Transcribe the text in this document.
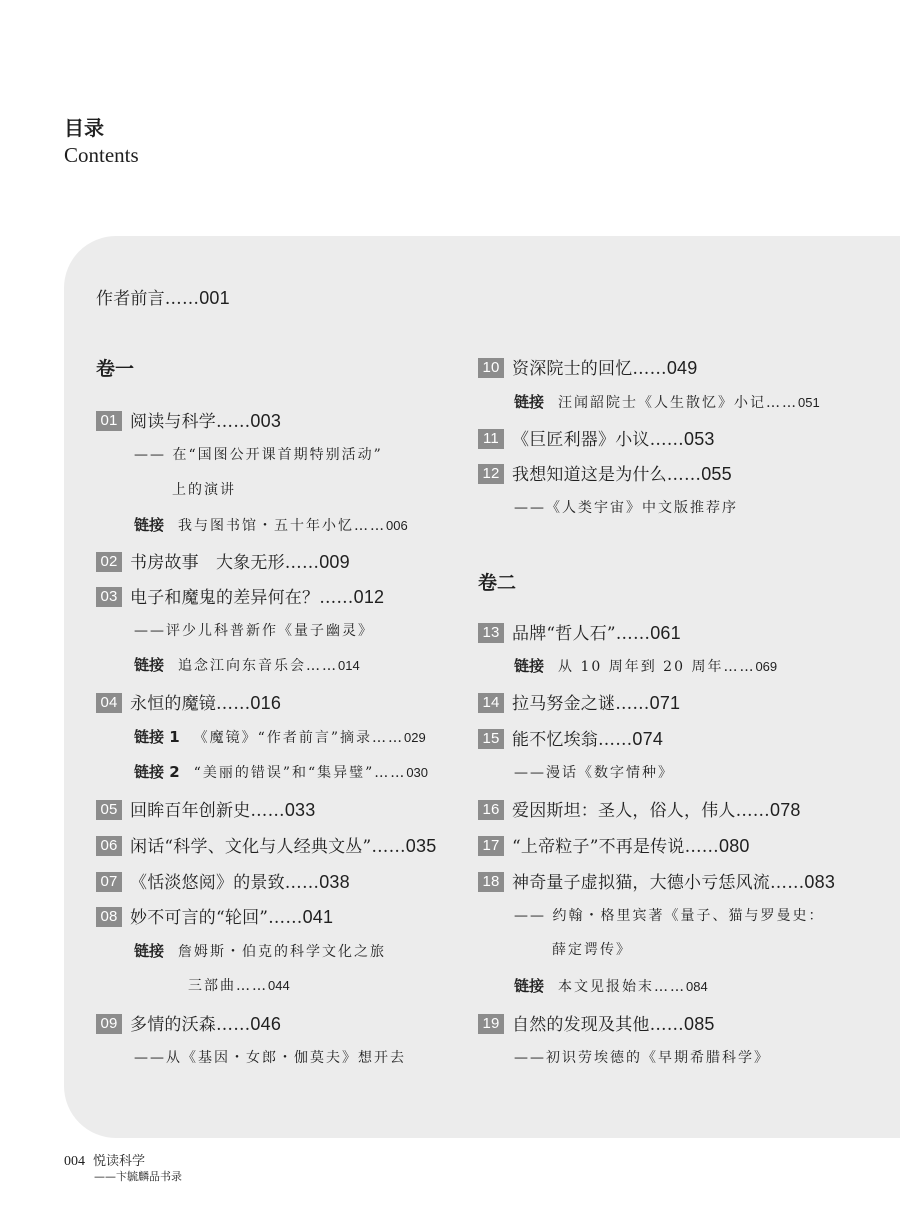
目录
Contents
作者前言……001
卷一
01 阅读与科学……003
—— 在“国图公开课首期特别活动”
上的演讲
链接 我与图书馆・五十年小忆……006
02 书房故事　大象无形……009
03 电子和魔鬼的差异何在？……012
——评少儿科普新作《量子幽灵》
链接 追念江向东音乐会……014
04 永恒的魔镜……016
链接 1 《魔镜》“作者前言”摘录……029
链接 2 “美丽的错误”和“集异璧”……030
05 回眸百年创新史……033
06 闲话“科学、文化与人经典文丛”……035
07 《恬淡悠阅》的景致……038
08 妙不可言的“轮回”……041
链接 詹姆斯・伯克的科学文化之旅
三部曲……044
09 多情的沃森……046
——从《基因・女郎・伽莫夫》想开去
10 资深院士的回忆……049
链接 汪闻韶院士《人生散忆》小记……051
11 《巨匠利器》小议……053
12 我想知道这是为什么……055
——《人类宇宙》中文版推荐序
卷二
13 品牌“哲人石”……061
链接 从 10 周年到 20 周年……069
14 拉马努金之谜……071
15 能不忆埃翁……074
——漫话《数字情种》
16 爱因斯坦：圣人，俗人，伟人……078
17 “上帝粒子”不再是传说……080
18 神奇量子虚拟猫，大德小亏恁风流……083
—— 约翰・格里宾著《量子、猫与罗曼史：
薛定谔传》
链接 本文见报始末……084
19 自然的发现及其他……085
——初识劳埃德的《早期希腊科学》
004 悦读科学
——卞毓麟品书录
